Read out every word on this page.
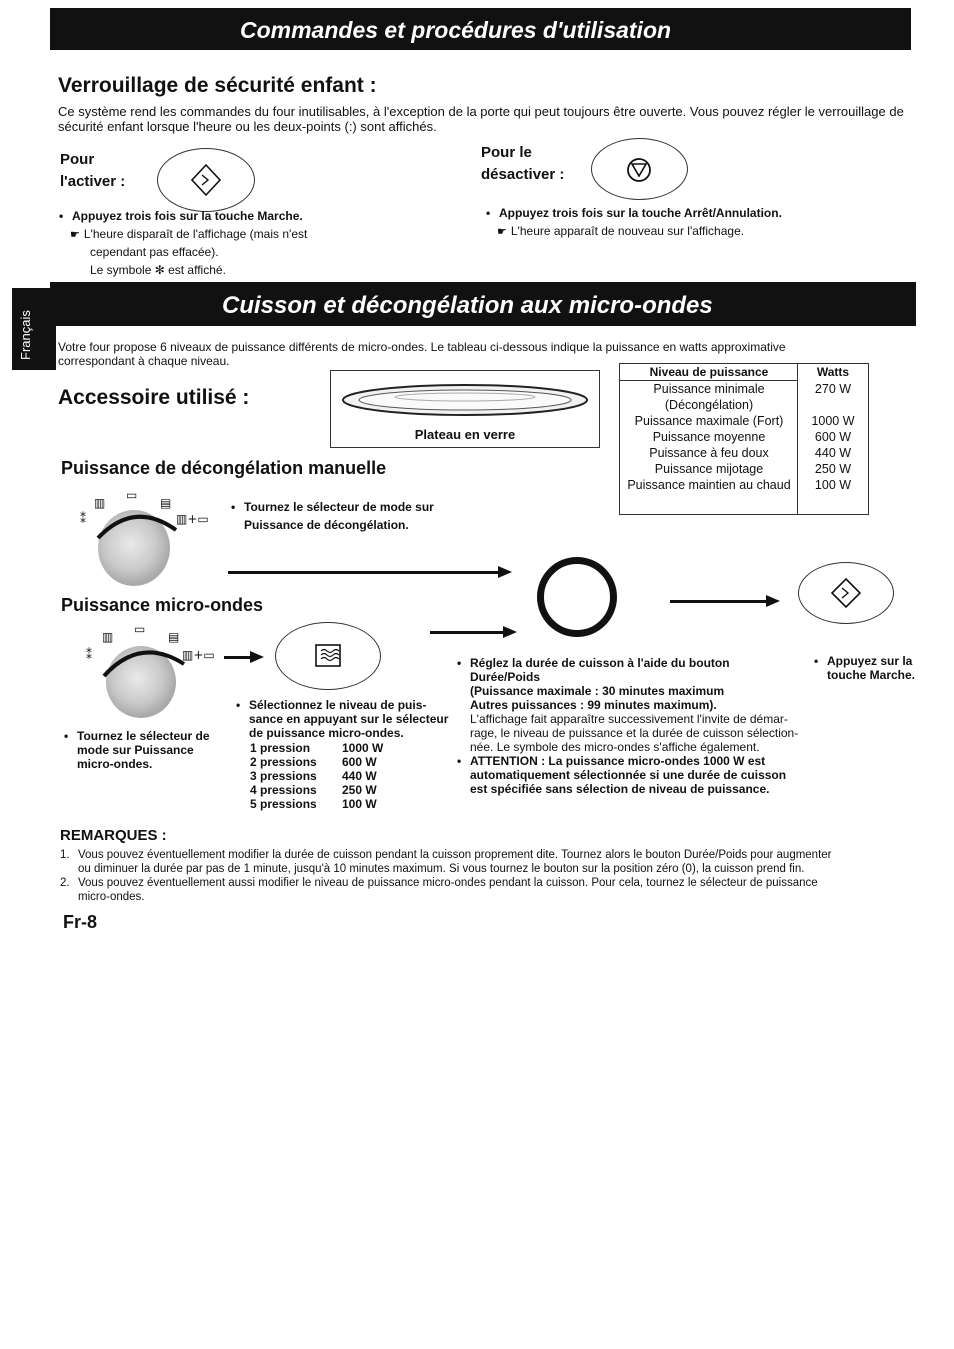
Commandes et procédures d'utilisation
Verrouillage de sécurité enfant :
Ce système rend les commandes du four inutilisables, à l'exception de la porte qui peut toujours être ouverte. Vous pouvez régler le verrouillage de sécurité enfant lorsque l'heure ou les deux-points (:) sont affichés.
Pour
l'activer :
Pour le
désactiver :
• Appuyez trois fois sur la touche Marche.
☛ L'heure disparaît de l'affichage (mais n'est
cependant pas effacée).
Le symbole ✻ est affiché.
• Appuyez trois fois sur la touche Arrêt/Annulation.
☛ L'heure apparaît de nouveau sur l'affichage.
Français
Cuisson et décongélation aux micro-ondes
Votre four propose 6 niveaux de puissance différents de micro-ondes. Le tableau ci-dessous indique la puissance en watts approximative
correspondant à chaque niveau.
Accessoire utilisé :
Plateau en verre
Niveau de puissance	Watts

Puissance minimale
(Décongélation)	270 W
Puissance maximale (Fort)	1000 W
Puissance moyenne	600 W
Puissance à feu doux	440 W
Puissance mijotage	250 W
Puissance maintien au chaud	100 W
Puissance de décongélation manuelle
▥
▭
▤
⁑	▥+▭
• Tournez le sélecteur de mode sur
Puissance de décongélation.
Puissance micro-ondes
▥
▭
▤
⁑	▥+▭
• Tournez le sélecteur de
mode sur Puissance
micro-ondes.
• Sélectionnez le niveau de puis-
sance en appuyant sur le sélecteur
de puissance micro-ondes.
1 pression	1000 W
2 pressions	600 W
3 pressions	440 W
4 pressions	250 W
5 pressions	100 W
• Réglez la durée de cuisson à l'aide du bouton
Durée/Poids
(Puissance maximale : 30 minutes maximum
Autres puissances : 99 minutes maximum).
L'affichage fait apparaître successivement l'invite de démar-
rage, le niveau de puissance et la durée de cuisson sélection-
née. Le symbole des micro-ondes s'affiche également.
• ATTENTION : La puissance micro-ondes 1000 W est
automatiquement sélectionnée si une durée de cuisson
est spécifiée sans sélection de niveau de puissance.
• Appuyez sur la
touche Marche.
REMARQUES :
1. Vous pouvez éventuellement modifier la durée de cuisson pendant la cuisson proprement dite. Tournez alors le bouton Durée/Poids pour augmenter
ou diminuer la durée par pas de 1 minute, jusqu'à 10 minutes maximum. Si vous tournez le bouton sur la position zéro (0), la cuisson prend fin.
2. Vous pouvez éventuellement aussi modifier le niveau de puissance micro-ondes pendant la cuisson. Pour cela, tournez le sélecteur de puissance
micro-ondes.
Fr-8
